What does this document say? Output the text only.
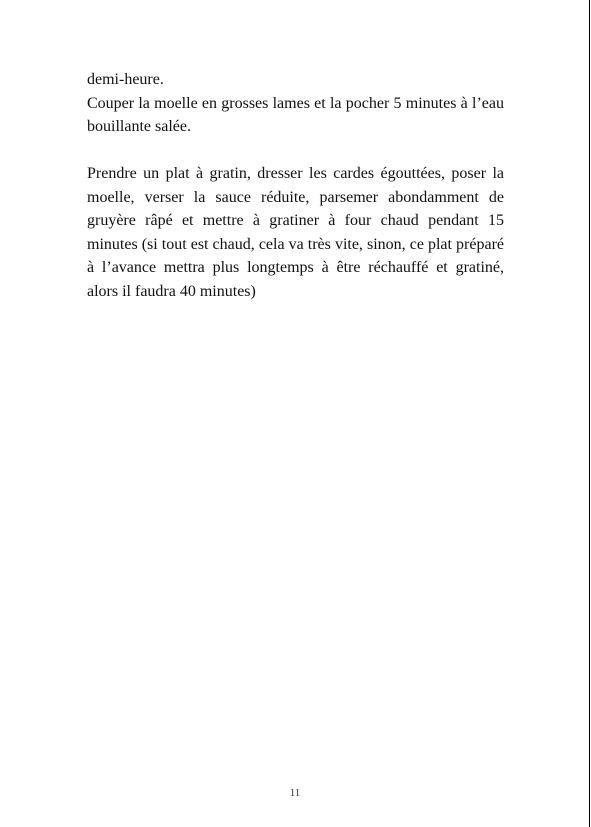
demi-heure.

Couper la moelle en grosses lames et la pocher 5 minutes à l’eau bouillante salée.

Prendre un plat à gratin, dresser les cardes égouttées, poser la moelle, verser la sauce réduite, parsemer abondamment de gruyère râpé et mettre à gratiner à four chaud pendant 15 minutes (si tout est chaud, cela va très vite, sinon, ce plat préparé à l’avance mettra plus longtemps à être réchauffé et gratiné, alors il faudra 40 minutes)

11
